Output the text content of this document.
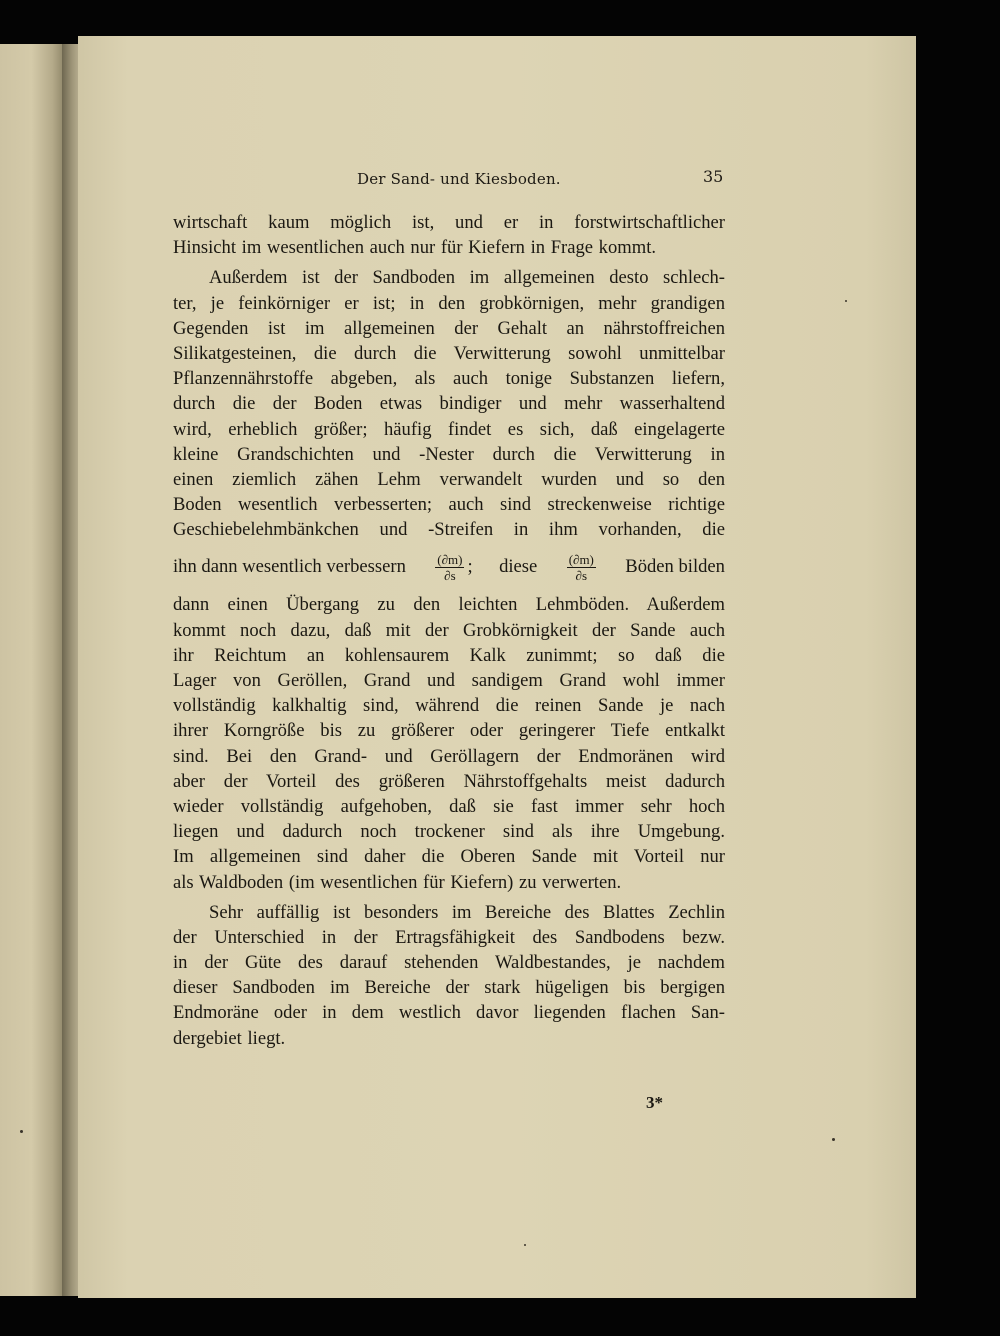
Der Sand- und Kiesboden.	35
wirtschaft kaum möglich ist, und er in forstwirtschaftlicher
Hinsicht im wesentlichen auch nur für Kiefern in Frage kommt.
Außerdem ist der Sandboden im allgemeinen desto schlech-
ter, je feinkörniger er ist; in den grobkörnigen, mehr grandigen
Gegenden ist im allgemeinen der Gehalt an nährstoffreichen
Silikatgesteinen, die durch die Verwitterung sowohl unmittelbar
Pflanzennährstoffe abgeben, als auch tonige Substanzen liefern,
durch die der Boden etwas bindiger und mehr wasserhaltend
wird, erheblich größer; häufig findet es sich, daß eingelagerte
kleine Grandschichten und -Nester durch die Verwitterung in
einen ziemlich zähen Lehm verwandelt wurden und so den
Boden wesentlich verbesserten; auch sind streckenweise richtige
Geschiebelehmbänkchen und -Streifen in ihm vorhanden, die
ihn dann wesentlich verbessern $\frac{(\partial m)}{\partial s}$ ; diese $\frac{(\partial m)}{\partial s}$ Böden bilden
dann einen Übergang zu den leichten Lehmböden. Außerdem
kommt noch dazu, daß mit der Grobkörnigkeit der Sande auch
ihr Reichtum an kohlensaurem Kalk zunimmt; so daß die
Lager von Geröllen, Grand und sandigem Grand wohl immer
vollständig kalkhaltig sind, während die reinen Sande je nach
ihrer Korngröße bis zu größerer oder geringerer Tiefe entkalkt
sind. Bei den Grand- und Geröllagern der Endmoränen wird
aber der Vorteil des größeren Nährstoffgehalts meist dadurch
wieder vollständig aufgehoben, daß sie fast immer sehr hoch
liegen und dadurch noch trockener sind als ihre Umgebung.
Im allgemeinen sind daher die Oberen Sande mit Vorteil nur
als Waldboden (im wesentlichen für Kiefern) zu verwerten.
Sehr auffällig ist besonders im Bereiche des Blattes Zechlin
der Unterschied in der Ertragsfähigkeit des Sandbodens bezw.
in der Güte des darauf stehenden Waldbestandes, je nachdem
dieser Sandboden im Bereiche der stark hügeligen bis bergigen
Endmoräne oder in dem westlich davor liegenden flachen San-
dergebiet liegt.
3*
